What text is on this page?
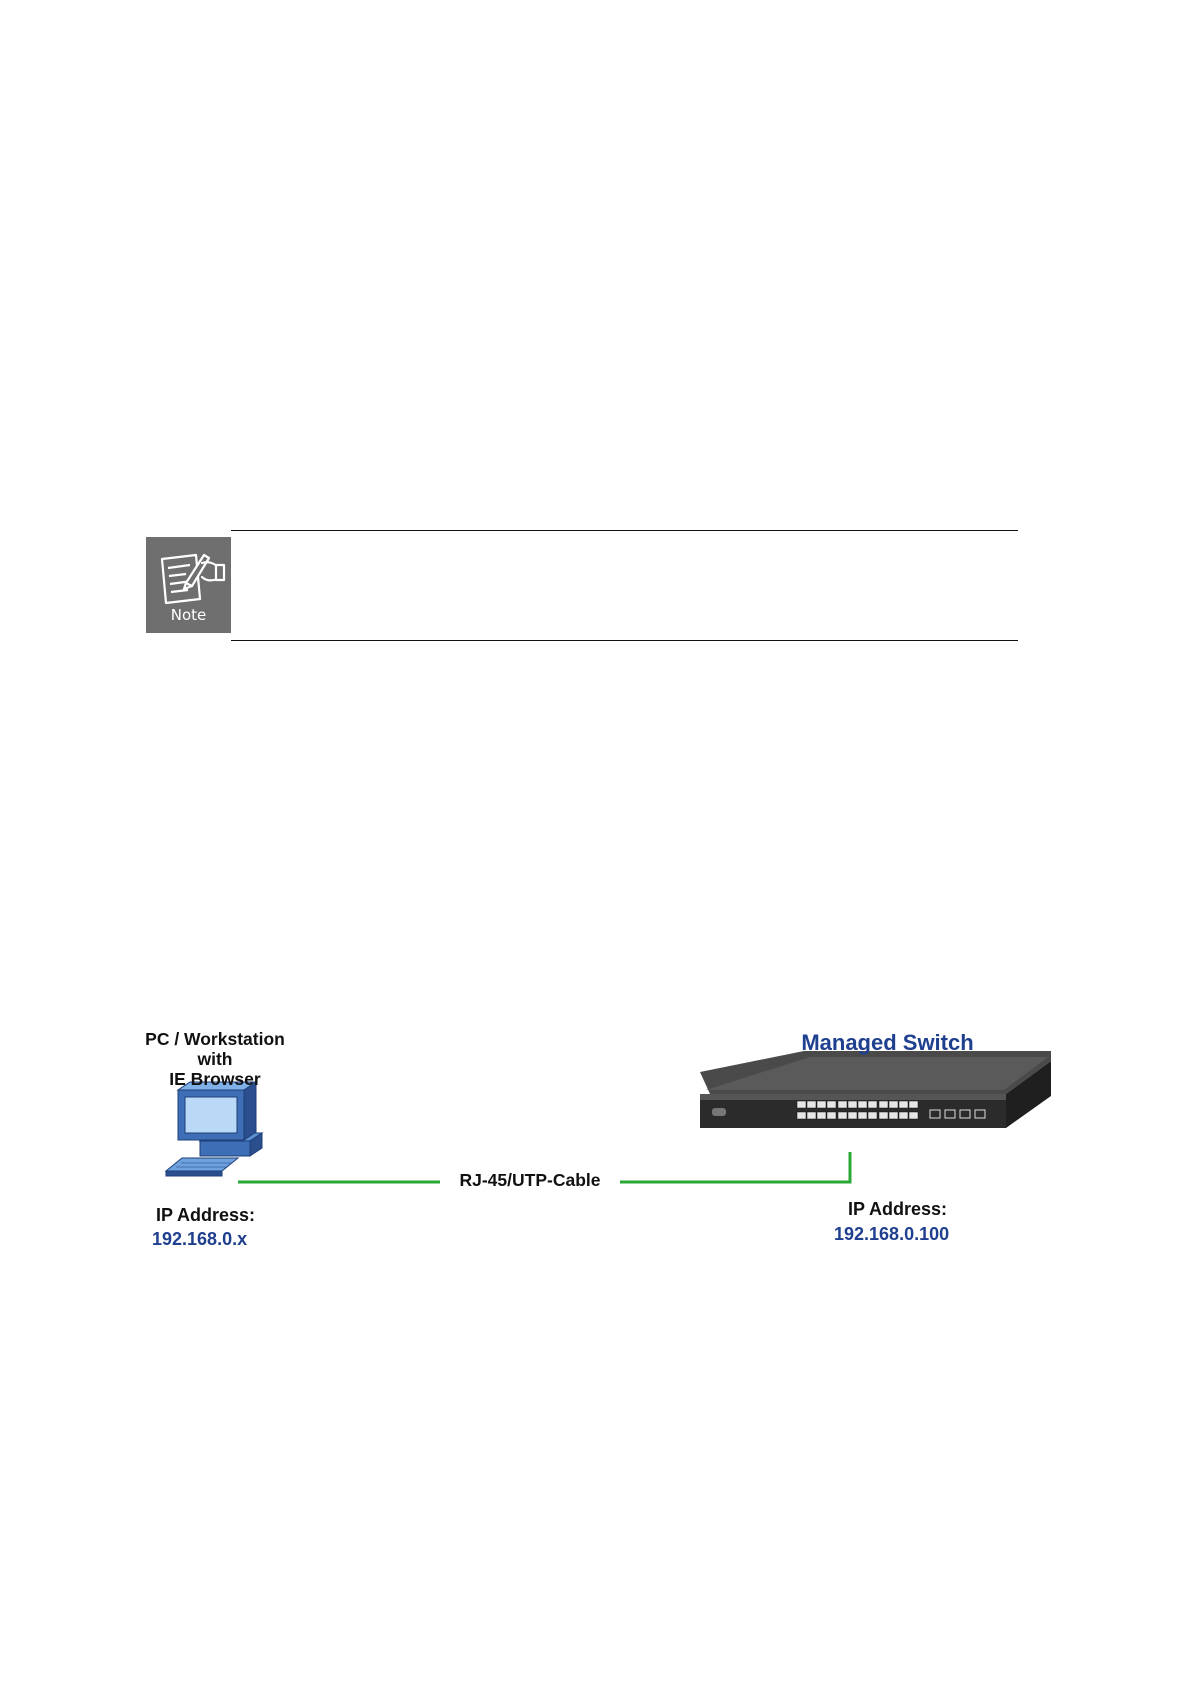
Note
PC / Workstation
with
IE Browser
Managed Switch
RJ-45/UTP-Cable
IP Address:
192.168.0.x
IP Address:
192.168.0.100
